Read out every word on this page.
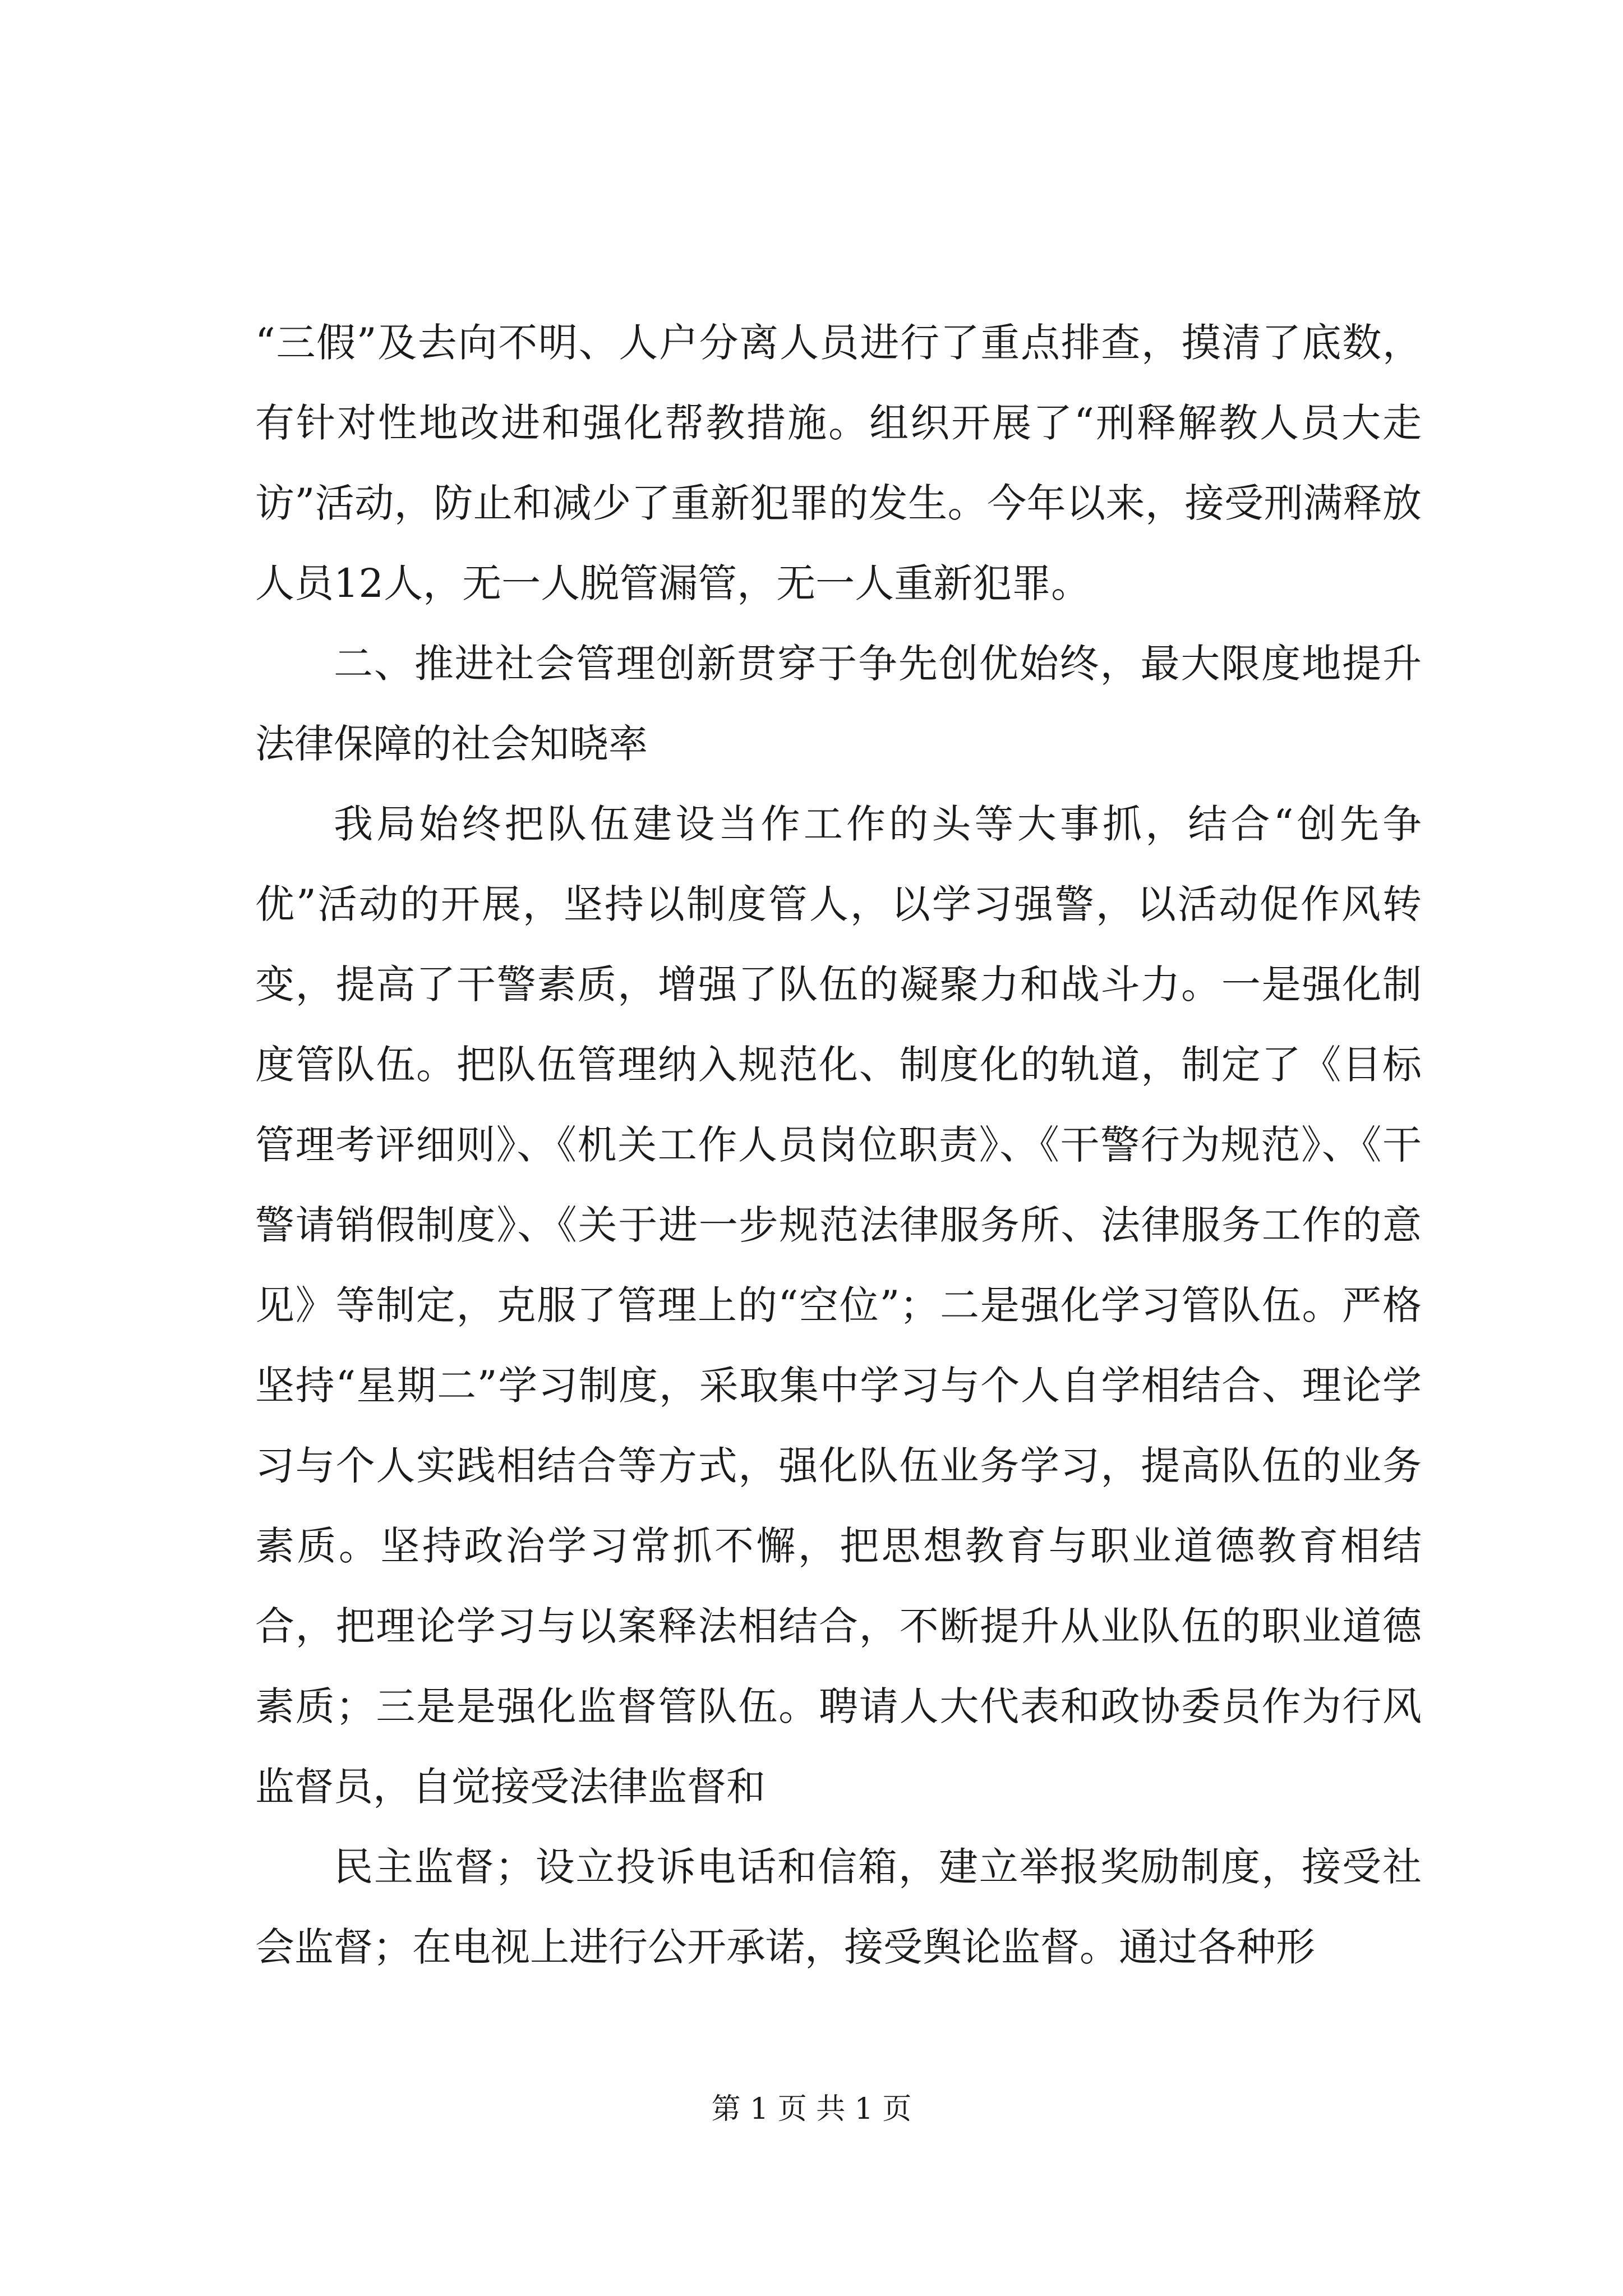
“三假”及去向不明、人户分离人员进行了重点排查，摸清了底数，有针对性地改进和强化帮教措施。组织开展了“刑释解教人员大走访”活动，防止和减少了重新犯罪的发生。今年以来，接受刑满释放人员12人，无一人脱管漏管，无一人重新犯罪。

二、推进社会管理创新贯穿于争先创优始终，最大限度地提升法律保障的社会知晓率

我局始终把队伍建设当作工作的头等大事抓，结合“创先争优”活动的开展，坚持以制度管人，以学习强警，以活动促作风转变，提高了干警素质，增强了队伍的凝聚力和战斗力。一是强化制度管队伍。把队伍管理纳入规范化、制度化的轨道，制定了《目标管理考评细则》、《机关工作人员岗位职责》、《干警行为规范》、《干警请销假制度》、《关于进一步规范法律服务所、法律服务工作的意见》等制定，克服了管理上的“空位”；二是强化学习管队伍。严格坚持“星期二”学习制度，采取集中学习与个人自学相结合、理论学习与个人实践相结合等方式，强化队伍业务学习，提高队伍的业务素质。坚持政治学习常抓不懈，把思想教育与职业道德教育相结合，把理论学习与以案释法相结合，不断提升从业队伍的职业道德素质；三是是强化监督管队伍。聘请人大代表和政协委员作为行风监督员，自觉接受法律监督和

民主监督；设立投诉电话和信箱，建立举报奖励制度，接受社会监督；在电视上进行公开承诺，接受舆论监督。通过各种形

第 1 页 共 1 页
